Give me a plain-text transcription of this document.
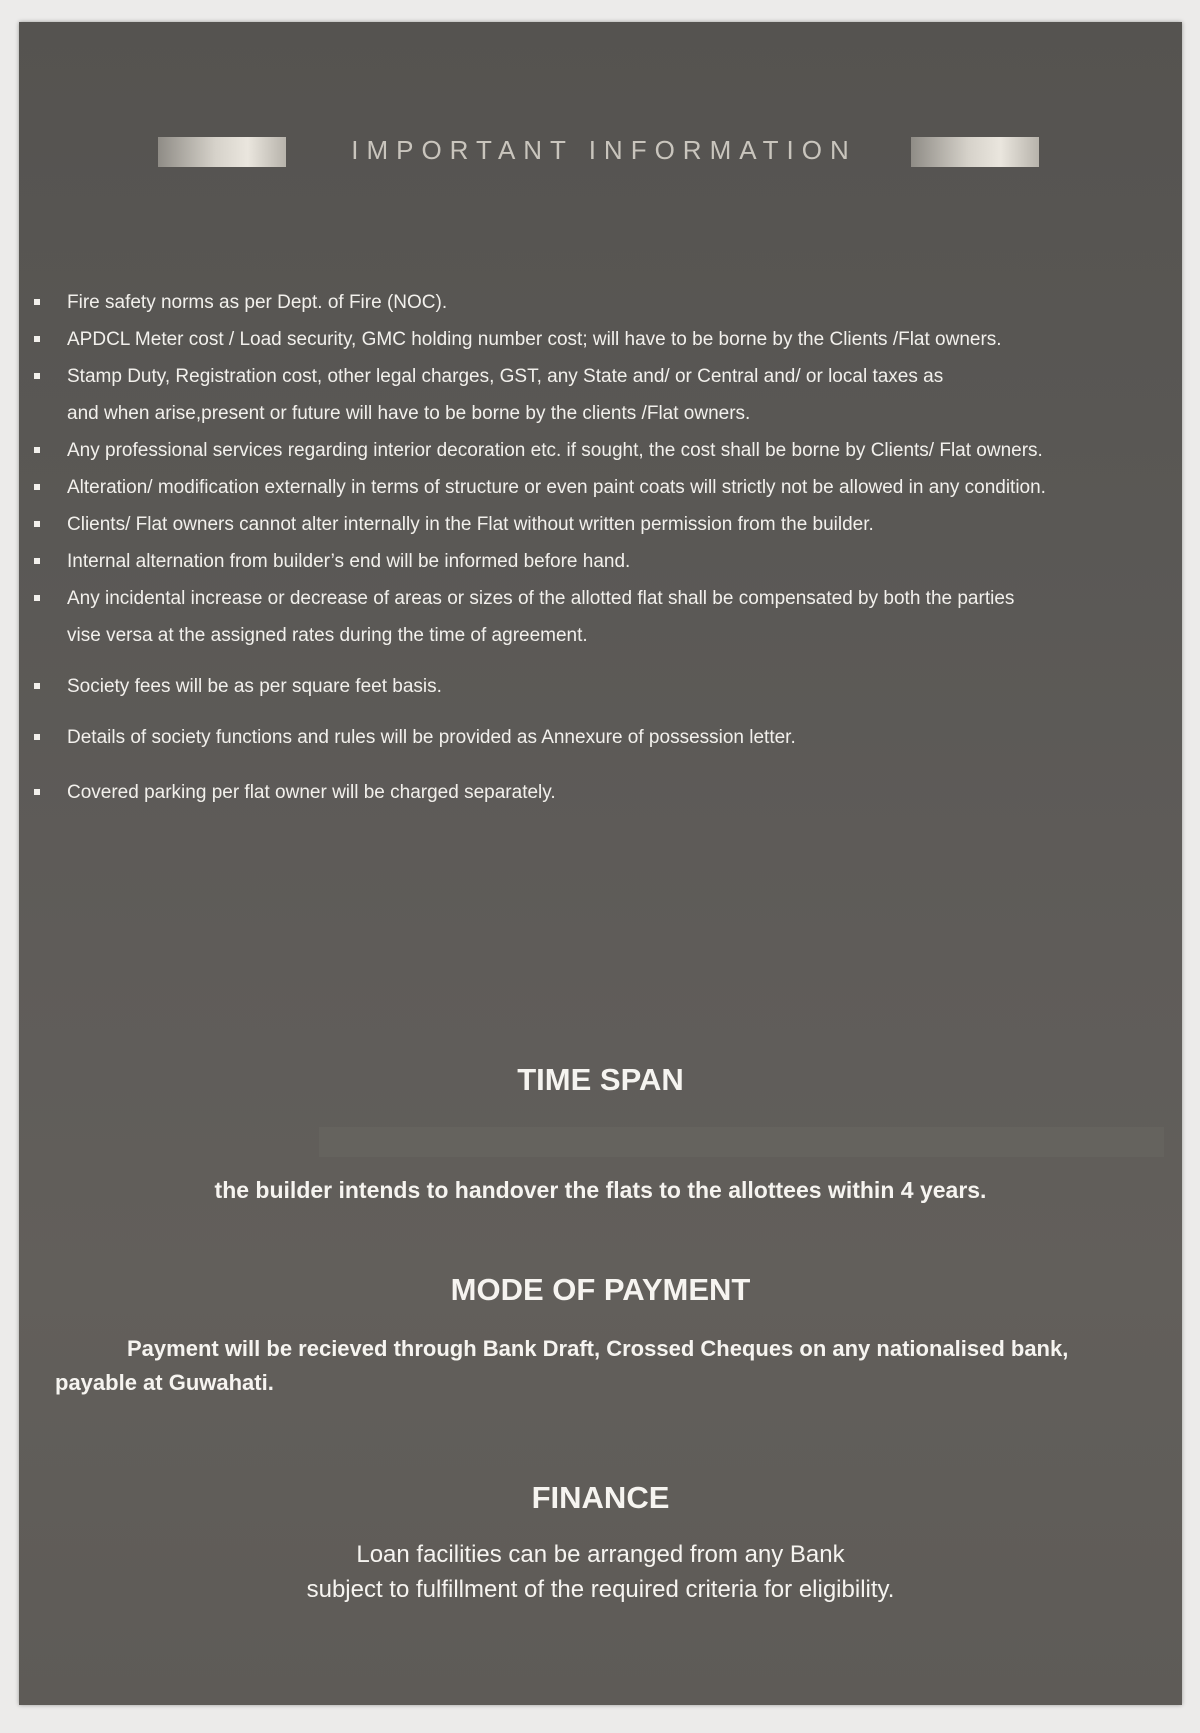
IMPORTANT INFORMATION
Fire safety norms as per Dept. of Fire (NOC).
APDCL Meter cost / Load security, GMC holding number cost; will have to be borne by the Clients /Flat owners.
Stamp Duty, Registration cost, other legal charges, GST, any State and/ or Central and/ or local taxes as
and when arise,present or future will have to be borne by the clients /Flat owners.
Any professional services regarding interior decoration etc. if sought, the cost shall be borne by Clients/ Flat owners.
Alteration/ modification externally in terms of structure or even paint coats will strictly not be allowed in any condition.
Clients/ Flat owners cannot alter internally in the Flat without written permission from the builder.
Internal alternation from builder’s end will be informed before hand.
Any incidental increase or decrease of areas or sizes of the allotted flat shall be compensated by both the parties
vise versa at the assigned rates during the time of agreement.
Society fees will be as per square feet basis.
Details of society functions and rules will be provided as Annexure of possession letter.
Covered parking per flat owner will be charged separately.
TIME SPAN
the builder intends to handover the flats to the allottees within 4 years.
MODE OF PAYMENT
Payment will be recieved through Bank Draft, Crossed Cheques on any nationalised bank, payable at Guwahati.
FINANCE
Loan facilities can be arranged from any Bank
subject to fulfillment of the required criteria for eligibility.
